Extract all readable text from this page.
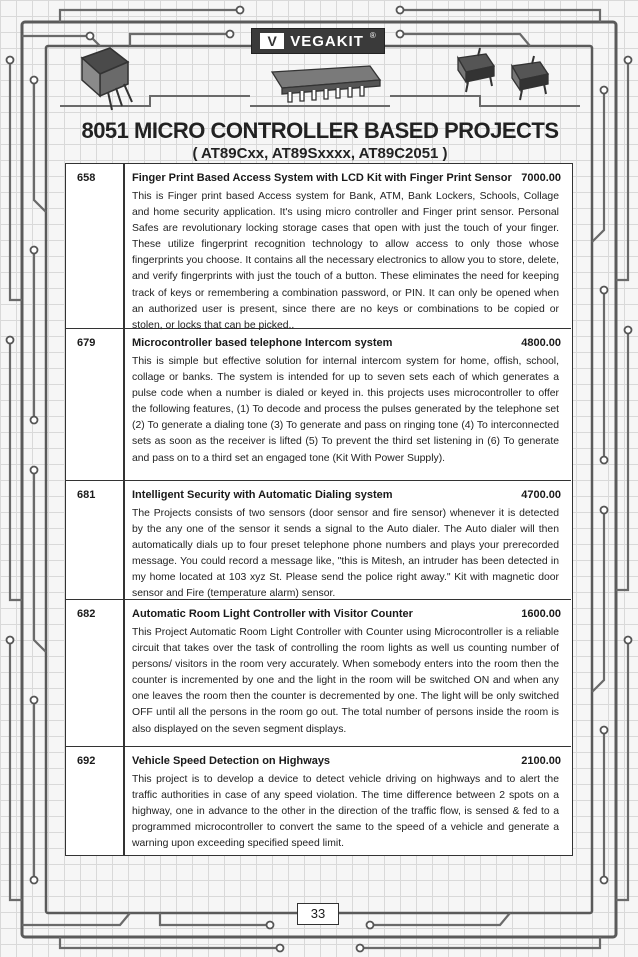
V VEGAKIT ®
8051 MICRO CONTROLLER BASED PROJECTS
( AT89Cxx, AT89Sxxxx, AT89C2051 )
658	Finger Print Based Access System with LCD Kit with Finger Print Sensor 7000.00
This is Finger print based Access system for Bank, ATM, Bank Lockers, Schools, Collage and home security application. It's using micro controller and Finger print sensor. Personal Safes are revolutionary locking storage cases that open with just the touch of your finger. These utilize fingerprint recognition technology to allow access to only those whose fingerprints you choose. It contains all the necessary electronics to allow you to store, delete, and verify fingerprints with just the touch of a button. These eliminates the need for keeping track of keys or remembering a combination password, or PIN. It can only be opened when an authorized user is present, since there are no keys or combinations to be copied or stolen, or locks that can be picked..
679	Microcontroller based telephone Intercom system	4800.00
This is simple but effective solution for internal intercom system for home, offish, school, collage or banks. The system is intended for up to seven sets each of which generates a pulse code when a number is dialed or keyed in. this projects uses microcontroller to offer the following features, (1) To decode and process the pulses generated by the telephone set (2) To generate a dialing tone (3) To generate and pass on ringing tone (4) To interconnected sets as soon as the receiver is lifted (5) To prevent the third set listening in (6) To generate and pass on to a third set an engaged tone (Kit With Power Supply).
681	Intelligent Security with Automatic Dialing system	4700.00
The Projects consists of two sensors (door sensor and fire sensor) whenever it is detected by the any one of the sensor it sends a signal to the Auto dialer. The Auto dialer will then automatically dials up to four preset telephone phone numbers and plays your prerecorded message. You could record a message like, "this is Mitesh, an intruder has been detected in my home located at 103 xyz St. Please send the police right away." Kit with magnetic door sensor and Fire (temperature alarm) sensor.
682	Automatic Room Light Controller with Visitor Counter	1600.00
This Project Automatic Room Light Controller with Counter using Microcontroller is a reliable circuit that takes over the task of controlling the room lights as well us counting number of persons/ visitors in the room very accurately. When somebody enters into the room then the counter is incremented by one and the light in the room will be switched ON and when any one leaves the room then the counter is decremented by one. The light will be only switched OFF until all the persons in the room go out. The total number of persons inside the room is also displayed on the seven segment displays.
692	Vehicle Speed Detection on Highways	2100.00
This project is to develop a device to detect vehicle driving on highways and to alert the traffic authorities in case of any speed violation. The time difference between 2 spots on a highway, one in advance to the other in the direction of the traffic flow, is sensed & fed to a programmed microcontroller to convert the same to the speed of a vehicle and generate a warning upon exceeding specified speed limit.
33
